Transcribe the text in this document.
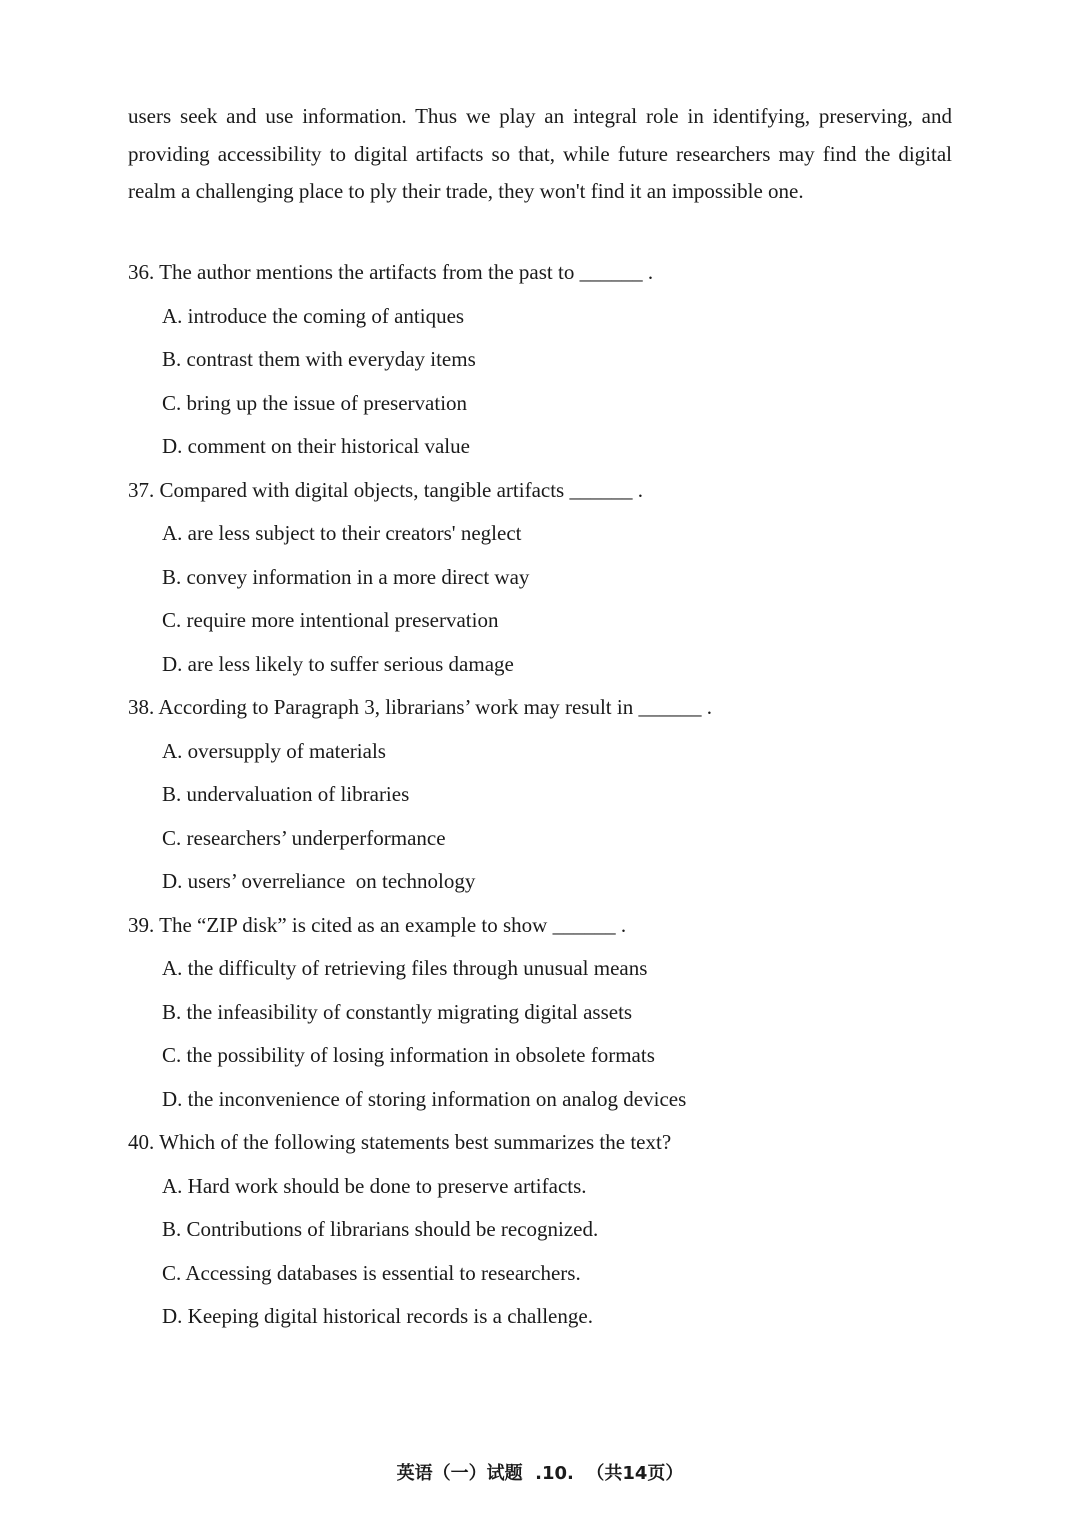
users seek and use information. Thus we play an integral role in identifying, preserving, and
providing accessibility to digital artifacts so that, while future researchers may find the digital
realm a challenging place to ply their trade, they won't find it an impossible one.
36. The author mentions the artifacts from the past to ______ .
A. introduce the coming of antiques
B. contrast them with everyday items
C. bring up the issue of preservation
D. comment on their historical value
37. Compared with digital objects, tangible artifacts ______ .
A. are less subject to their creators' neglect
B. convey information in a more direct way
C. require more intentional preservation
D. are less likely to suffer serious damage
38. According to Paragraph 3, librarians’ work may result in ______ .
A. oversupply of materials
B. undervaluation of libraries
C. researchers’ underperformance
D. users’ overreliance  on technology
39. The “ZIP disk” is cited as an example to show ______ .
A. the difficulty of retrieving files through unusual means
B. the infeasibility of constantly migrating digital assets
C. the possibility of losing information in obsolete formats
D. the inconvenience of storing information on analog devices
40. Which of the following statements best summarizes the text?
A. Hard work should be done to preserve artifacts.
B. Contributions of librarians should be recognized.
C. Accessing databases is essential to researchers.
D. Keeping digital historical records is a challenge.
英语（一）试题  .10.  （共14页）
